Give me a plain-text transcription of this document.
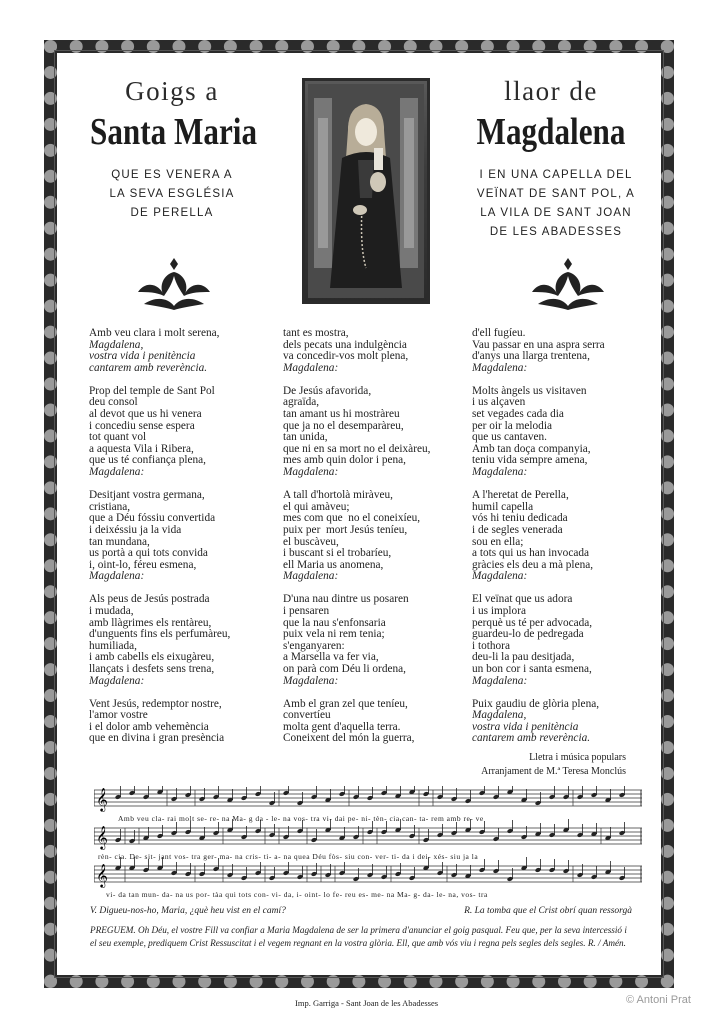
Goigs a
Santa Maria
QUE ES VENERA A
LA SEVA ESGLÉSIA
DE PERELLA
llaor de
Magdalena
I EN UNA CAPELLA DEL
VEÏNAT DE SANT POL, A
LA VILA DE SANT JOAN
DE LES ABADESSES
Amb veu clara i molt serena,
Magdalena,
vostra vida i penitència
cantarem amb reverència.
Prop del temple de Sant Pol
deu consol
al devot que us hi venera
i concediu sense espera
tot quant vol
a aquesta Vila i Ribera,
que us té confiança plena,
Magdalena:
Desitjant vostra germana,
cristiana,
que a Déu fóssiu convertida
i deixéssiu ja la vida
tan mundana,
us portà a qui tots convida
i, oint-lo, féreu esmena,
Magdalena:
Als peus de Jesús postrada
i mudada,
amb llàgrimes els rentàreu,
d'unguents fins els perfumàreu,
humiliada,
i amb cabells els eixugàreu,
llançats i desfets sens trena,
Magdalena:
Vent Jesús, redemptor nostre,
l'amor vostre
i el dolor amb vehemència
que en divina i gran presència
tant es mostra,
dels pecats una indulgència
va concedir-vos molt plena,
Magdalena:
De Jesús afavorida,
agraïda,
tan amant us hi mostràreu
que ja no el desemparàreu,
tan unida,
que ni en sa mort no el deixàreu,
mes amb quin dolor i pena,
Magdalena:
A tall d'hortolà miràveu,
el qui amàveu;
mes com que  no el coneixíeu,
puix per  mort Jesús teníeu,
el buscàveu,
i buscant si el trobaríeu,
ell Maria us anomena,
Magdalena:
D'una nau dintre us posaren
i pensaren
que la nau s'enfonsaria
puix vela ni rem tenia;
s'enganyaren:
a Marsella va fer via,
on parà com Déu li ordena,
Magdalena:
Amb el gran zel que teníeu,
convertíeu
molta gent d'aquella terra.
Coneixent del món la guerra,
d'ell fugíeu.
Vau passar en una aspra serra
d'anys una llarga trentena,
Magdalena:
Molts àngels us visitaven
i us alçaven
set vegades cada dia
per oir la melodia
que us cantaven.
Amb tan doça companyia,
teniu vida sempre amena,
Magdalena:
A l'heretat de Perella,
humil capella
vós hi teniu dedicada
i de segles venerada
sou en ella;
a tots qui us han invocada
gràcies els deu a mà plena,
Magdalena:
El veïnat que us adora
i us implora
perquè us té per advocada,
guardeu-lo de pedregada
i tothora
deu-li la pau desitjada,
un bon cor i santa esmena,
Magdalena:
Puix gaudiu de glòria plena,
Magdalena,
vostra vida i penitència
cantarem amb reverència.
Lletra i música populars
Arranjament de M.ª Teresa Monclús
𝄞
𝄞
𝄞
Amb veu cla- rai molt se- re- na Ma- g da - le- na vos- tra vi- dai pe- ni- tèn- cia can- ta- rem amb re- ve
rèn- cia. De- sit- jant vos- tra ger- ma- na cris- ti- a- na quea Déu fòs- siu con- ver- ti- da i dei- xés- siu ja la
vi- da tan mun- da- na us por- tàa qui tots con- vi- da, i- oint- lo fe- reu es- me- na Ma- g- da- le- na, vos- tra
V. Digueu-nos-ho, Maria, ¿què heu vist en el camí?	R. La tomba que el Crist obrí quan ressorgà
PREGUEM. Oh Déu, el vostre Fill va confiar a Maria Magdalena de ser la primera d'anunciar el goig pasqual. Feu que, per la seva intercessió i el seu exemple, prediquem Crist Ressuscitat i el vegem regnant en la vostra glòria. Ell, que amb vós viu i regna pels segles dels segles. R. / Amén.
Imp. Garriga - Sant Joan de les Abadesses	© Antoni Prat
